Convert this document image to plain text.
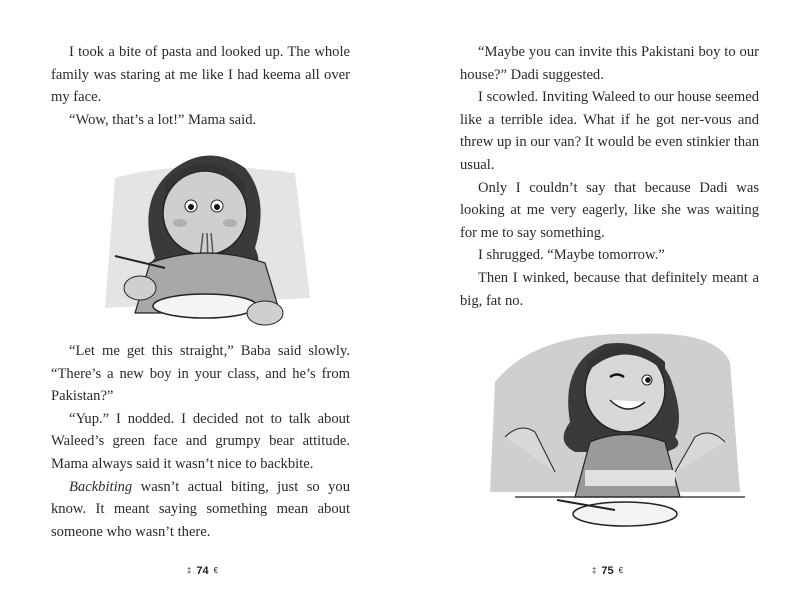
I took a bite of pasta and looked up. The whole family was staring at me like I had keema all over my face.

“Wow, that’s a lot!” Mama said.

“Let me get this straight,” Baba said slowly. “There’s a new boy in your class, and he’s from Pakistan?”

“Yup.” I nodded. I decided not to talk about Waleed’s green face and grumpy bear attitude. Mama always said it wasn’t nice to backbite.

Backbiting wasn’t actual biting, just so you know. It meant saying something mean about someone who wasn’t there.

‡ 74 €

“Maybe you can invite this Pakistani boy to our house?” Dadi suggested.

I scowled. Inviting Waleed to our house seemed like a terrible idea. What if he got ner-vous and threw up in our van? It would be even stinkier than usual.

Only I couldn’t say that because Dadi was looking at me very eagerly, like she was waiting for me to say something.

I shrugged. “Maybe tomorrow.”

Then I winked, because that definitely meant a big, fat no.

‡ 75 €
